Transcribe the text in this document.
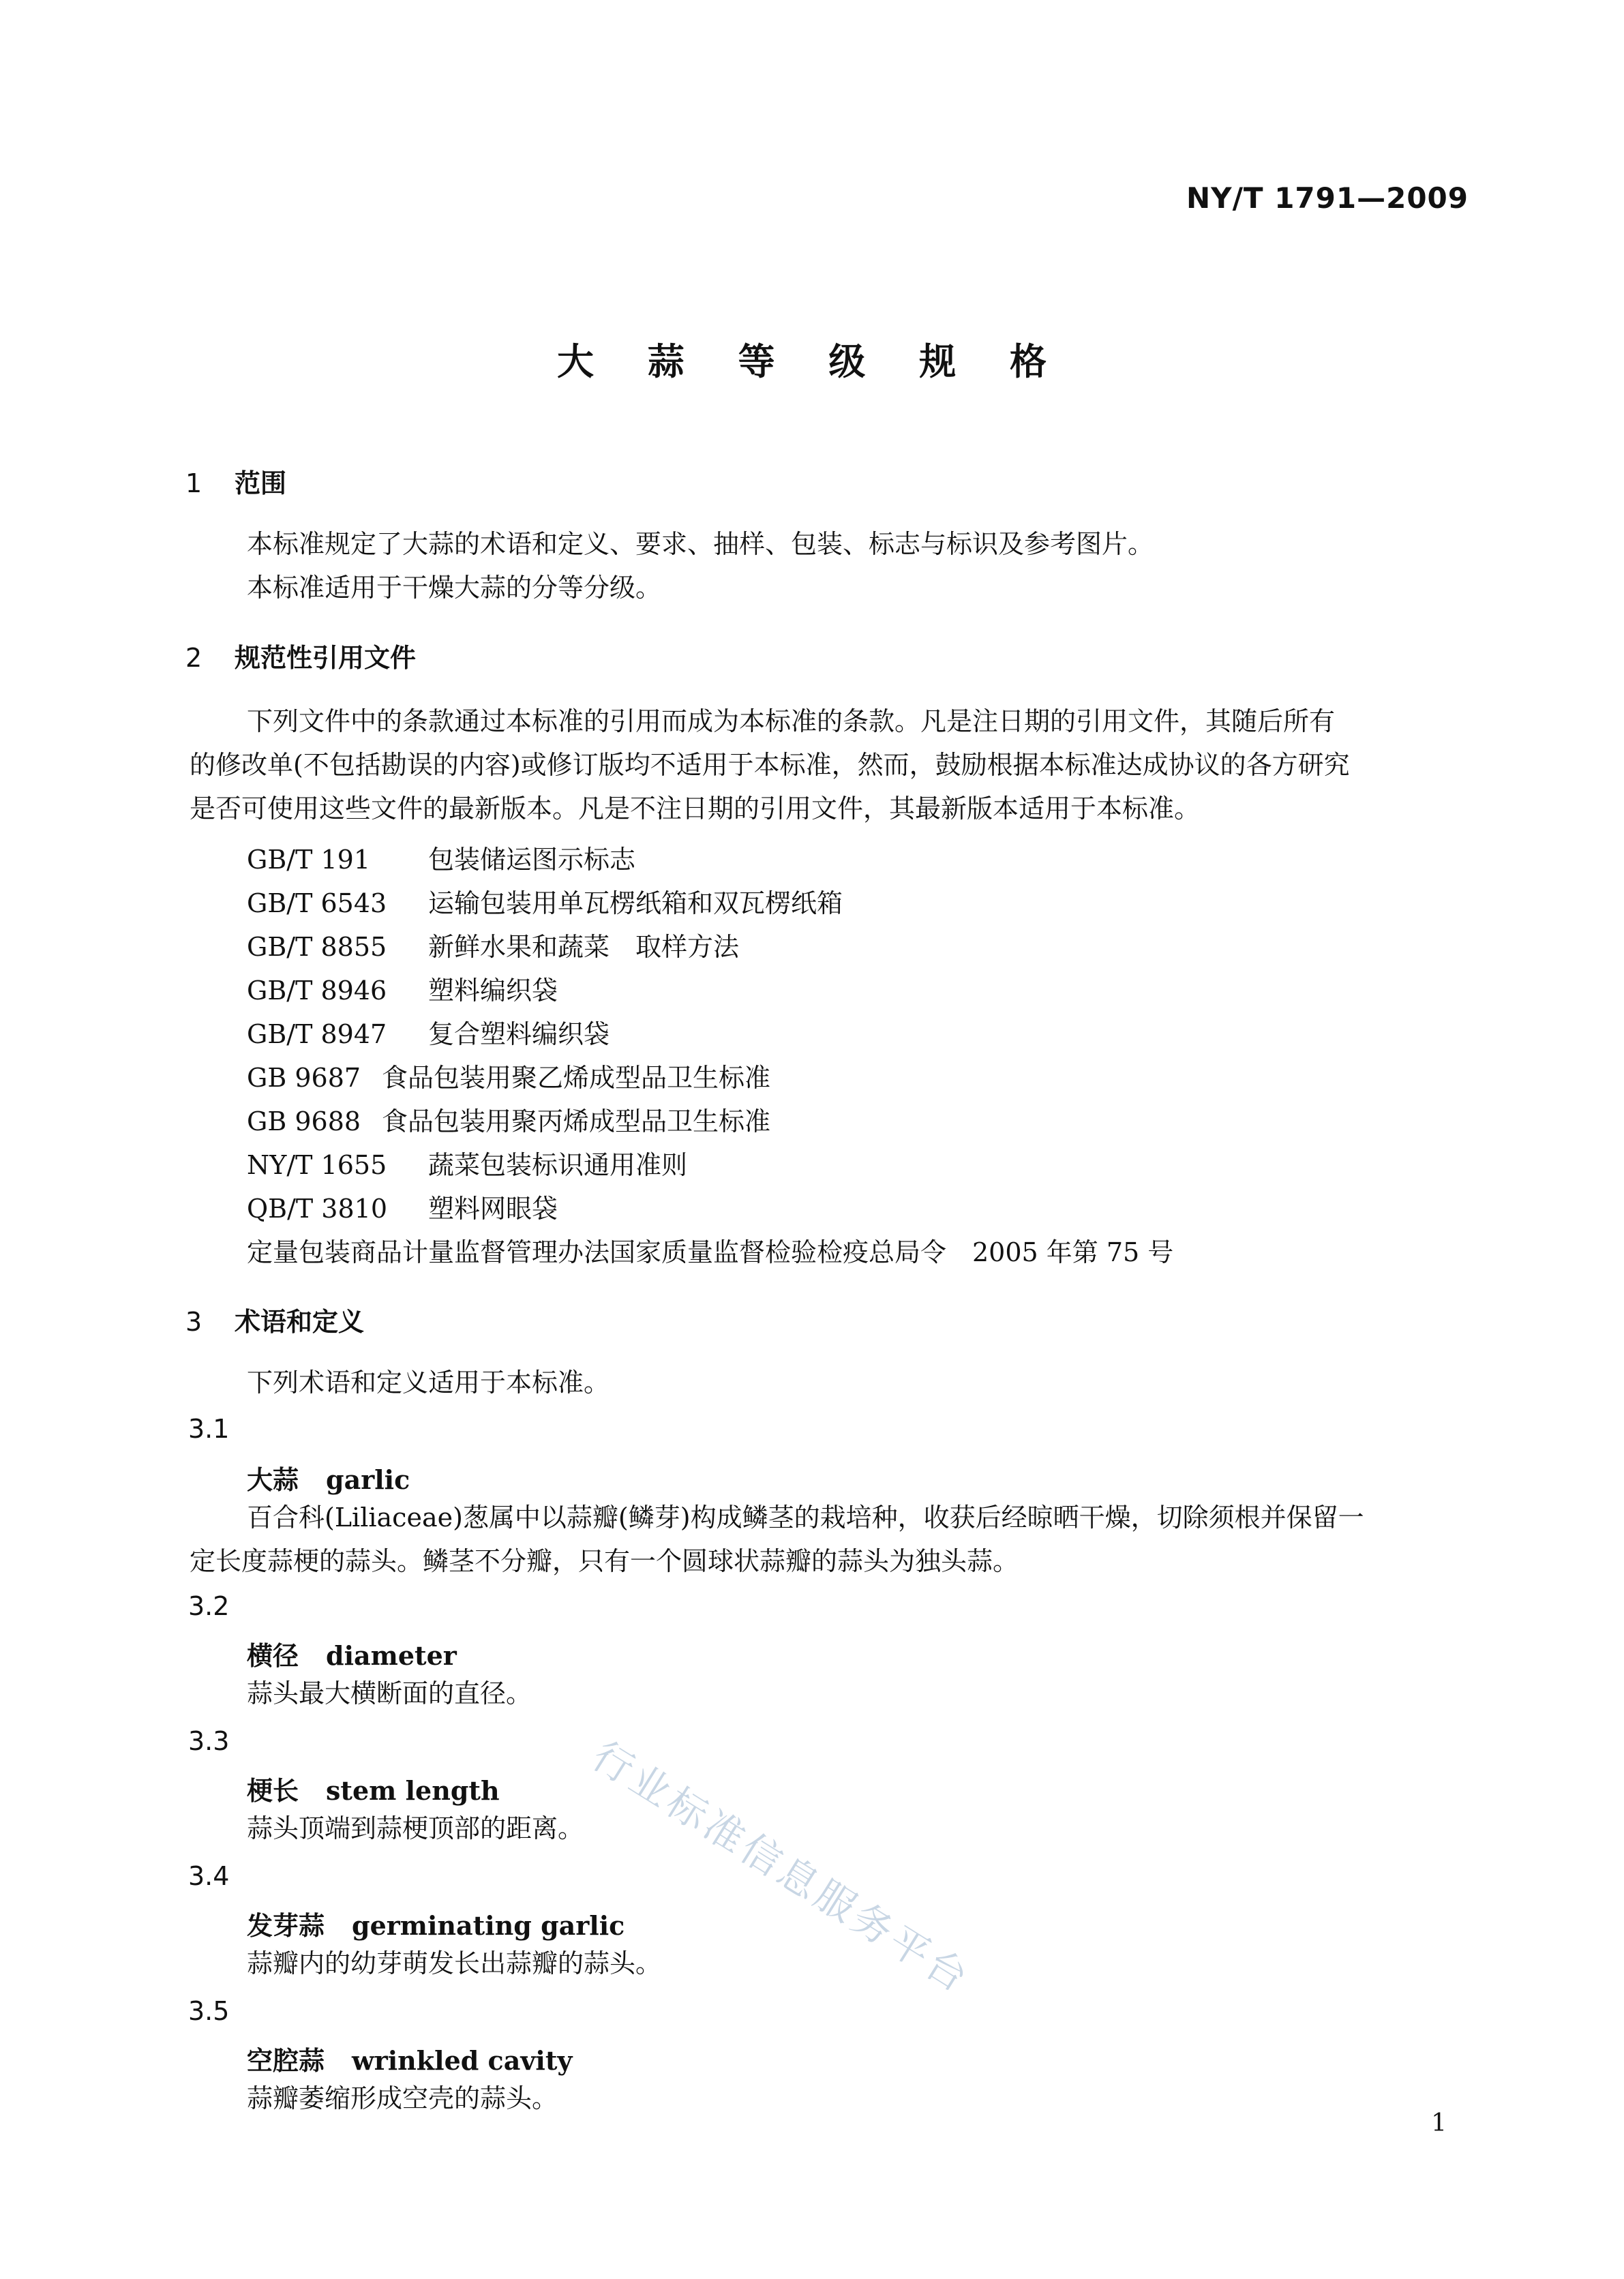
NY/T 1791—2009
大 蒜 等 级 规 格
1 范围
本标准规定了大蒜的术语和定义、要求、抽样、包装、标志与标识及参考图片。
本标准适用于干燥大蒜的分等分级。
2 规范性引用文件
下列文件中的条款通过本标准的引用而成为本标准的条款。凡是注日期的引用文件，其随后所有
的修改单(不包括勘误的内容)或修订版均不适用于本标准，然而，鼓励根据本标准达成协议的各方研究
是否可使用这些文件的最新版本。凡是不注日期的引用文件，其最新版本适用于本标准。
GB/T 191 包装储运图示标志
GB/T 6543 运输包装用单瓦楞纸箱和双瓦楞纸箱
GB/T 8855 新鲜水果和蔬菜　取样方法
GB/T 8946 塑料编织袋
GB/T 8947 复合塑料编织袋
GB 9687 食品包装用聚乙烯成型品卫生标准
GB 9688 食品包装用聚丙烯成型品卫生标准
NY/T 1655 蔬菜包装标识通用准则
QB/T 3810 塑料网眼袋
定量包装商品计量监督管理办法国家质量监督检验检疫总局令　2005 年第 75 号
3 术语和定义
下列术语和定义适用于本标准。
3.1
大蒜 garlic
百合科(Liliaceae)葱属中以蒜瓣(鳞芽)构成鳞茎的栽培种，收获后经晾晒干燥，切除须根并保留一
定长度蒜梗的蒜头。鳞茎不分瓣，只有一个圆球状蒜瓣的蒜头为独头蒜。
3.2
横径 diameter
蒜头最大横断面的直径。
3.3
梗长 stem length
蒜头顶端到蒜梗顶部的距离。
3.4
发芽蒜 germinating garlic
蒜瓣内的幼芽萌发长出蒜瓣的蒜头。
3.5
空腔蒜 wrinkled cavity
蒜瓣萎缩形成空壳的蒜头。
行业标准信息服务平台
1
